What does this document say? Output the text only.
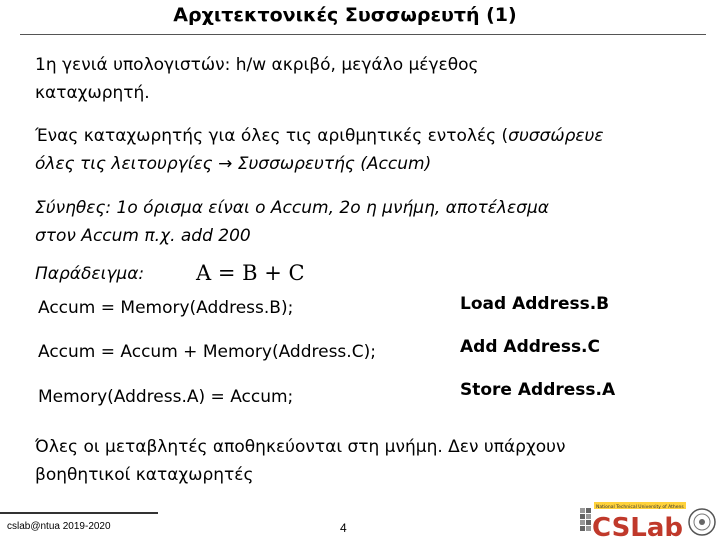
Αρχιτεκτονικές Συσσωρευτή (1)
1η γενιά υπολογιστών: h/w ακριβό, μεγάλο μέγεθος
καταχωρητή.
Ένας καταχωρητής για όλες τις αριθμητικές εντολές (συσσώρευε
όλες τις λειτουργίες → Συσσωρευτής (Accum)
Σύνηθες: 1ο όρισμα είναι ο Accum, 2o η μνήμη, αποτέλεσμα
στον Accum π.χ. add 200
Παράδειγμα: A = B + C
Accum = Memory(Address.B);
Accum = Accum + Memory(Address.C);
Memory(Address.A) = Accum;
Load Address.B
Add Address.C
Store Address.A
Όλες οι μεταβλητές αποθηκεύονται στη μνήμη. Δεν υπάρχουν
βοηθητικοί καταχωρητές
cslab@ntua 2019-2020	4
National Technical University of Athens
CSLab
